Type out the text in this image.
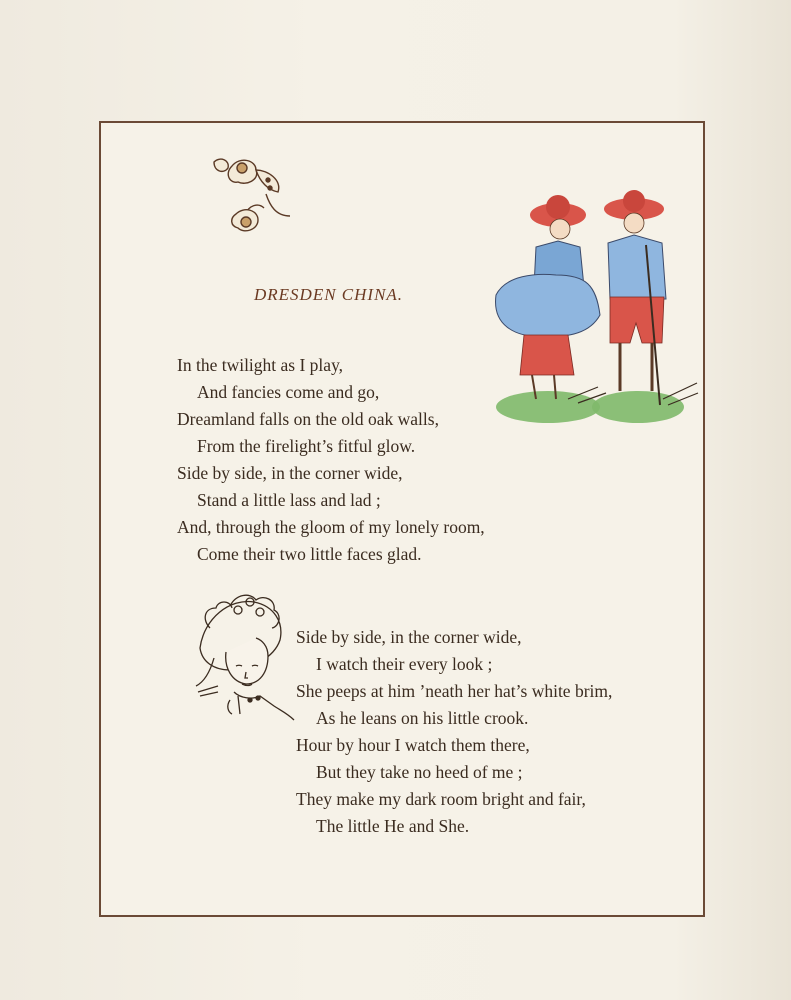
DRESDEN CHINA.
In the twilight as I play,
And fancies come and go,
Dreamland falls on the old oak walls,
From the firelight’s fitful glow.
Side by side, in the corner wide,
Stand a little lass and lad ;
And, through the gloom of my lonely room,
Come their two little faces glad.
Side by side, in the corner wide,
I watch their every look ;
She peeps at him ’neath her hat’s white brim,
As he leans on his little crook.
Hour by hour I watch them there,
But they take no heed of me ;
They make my dark room bright and fair,
The little He and She.
